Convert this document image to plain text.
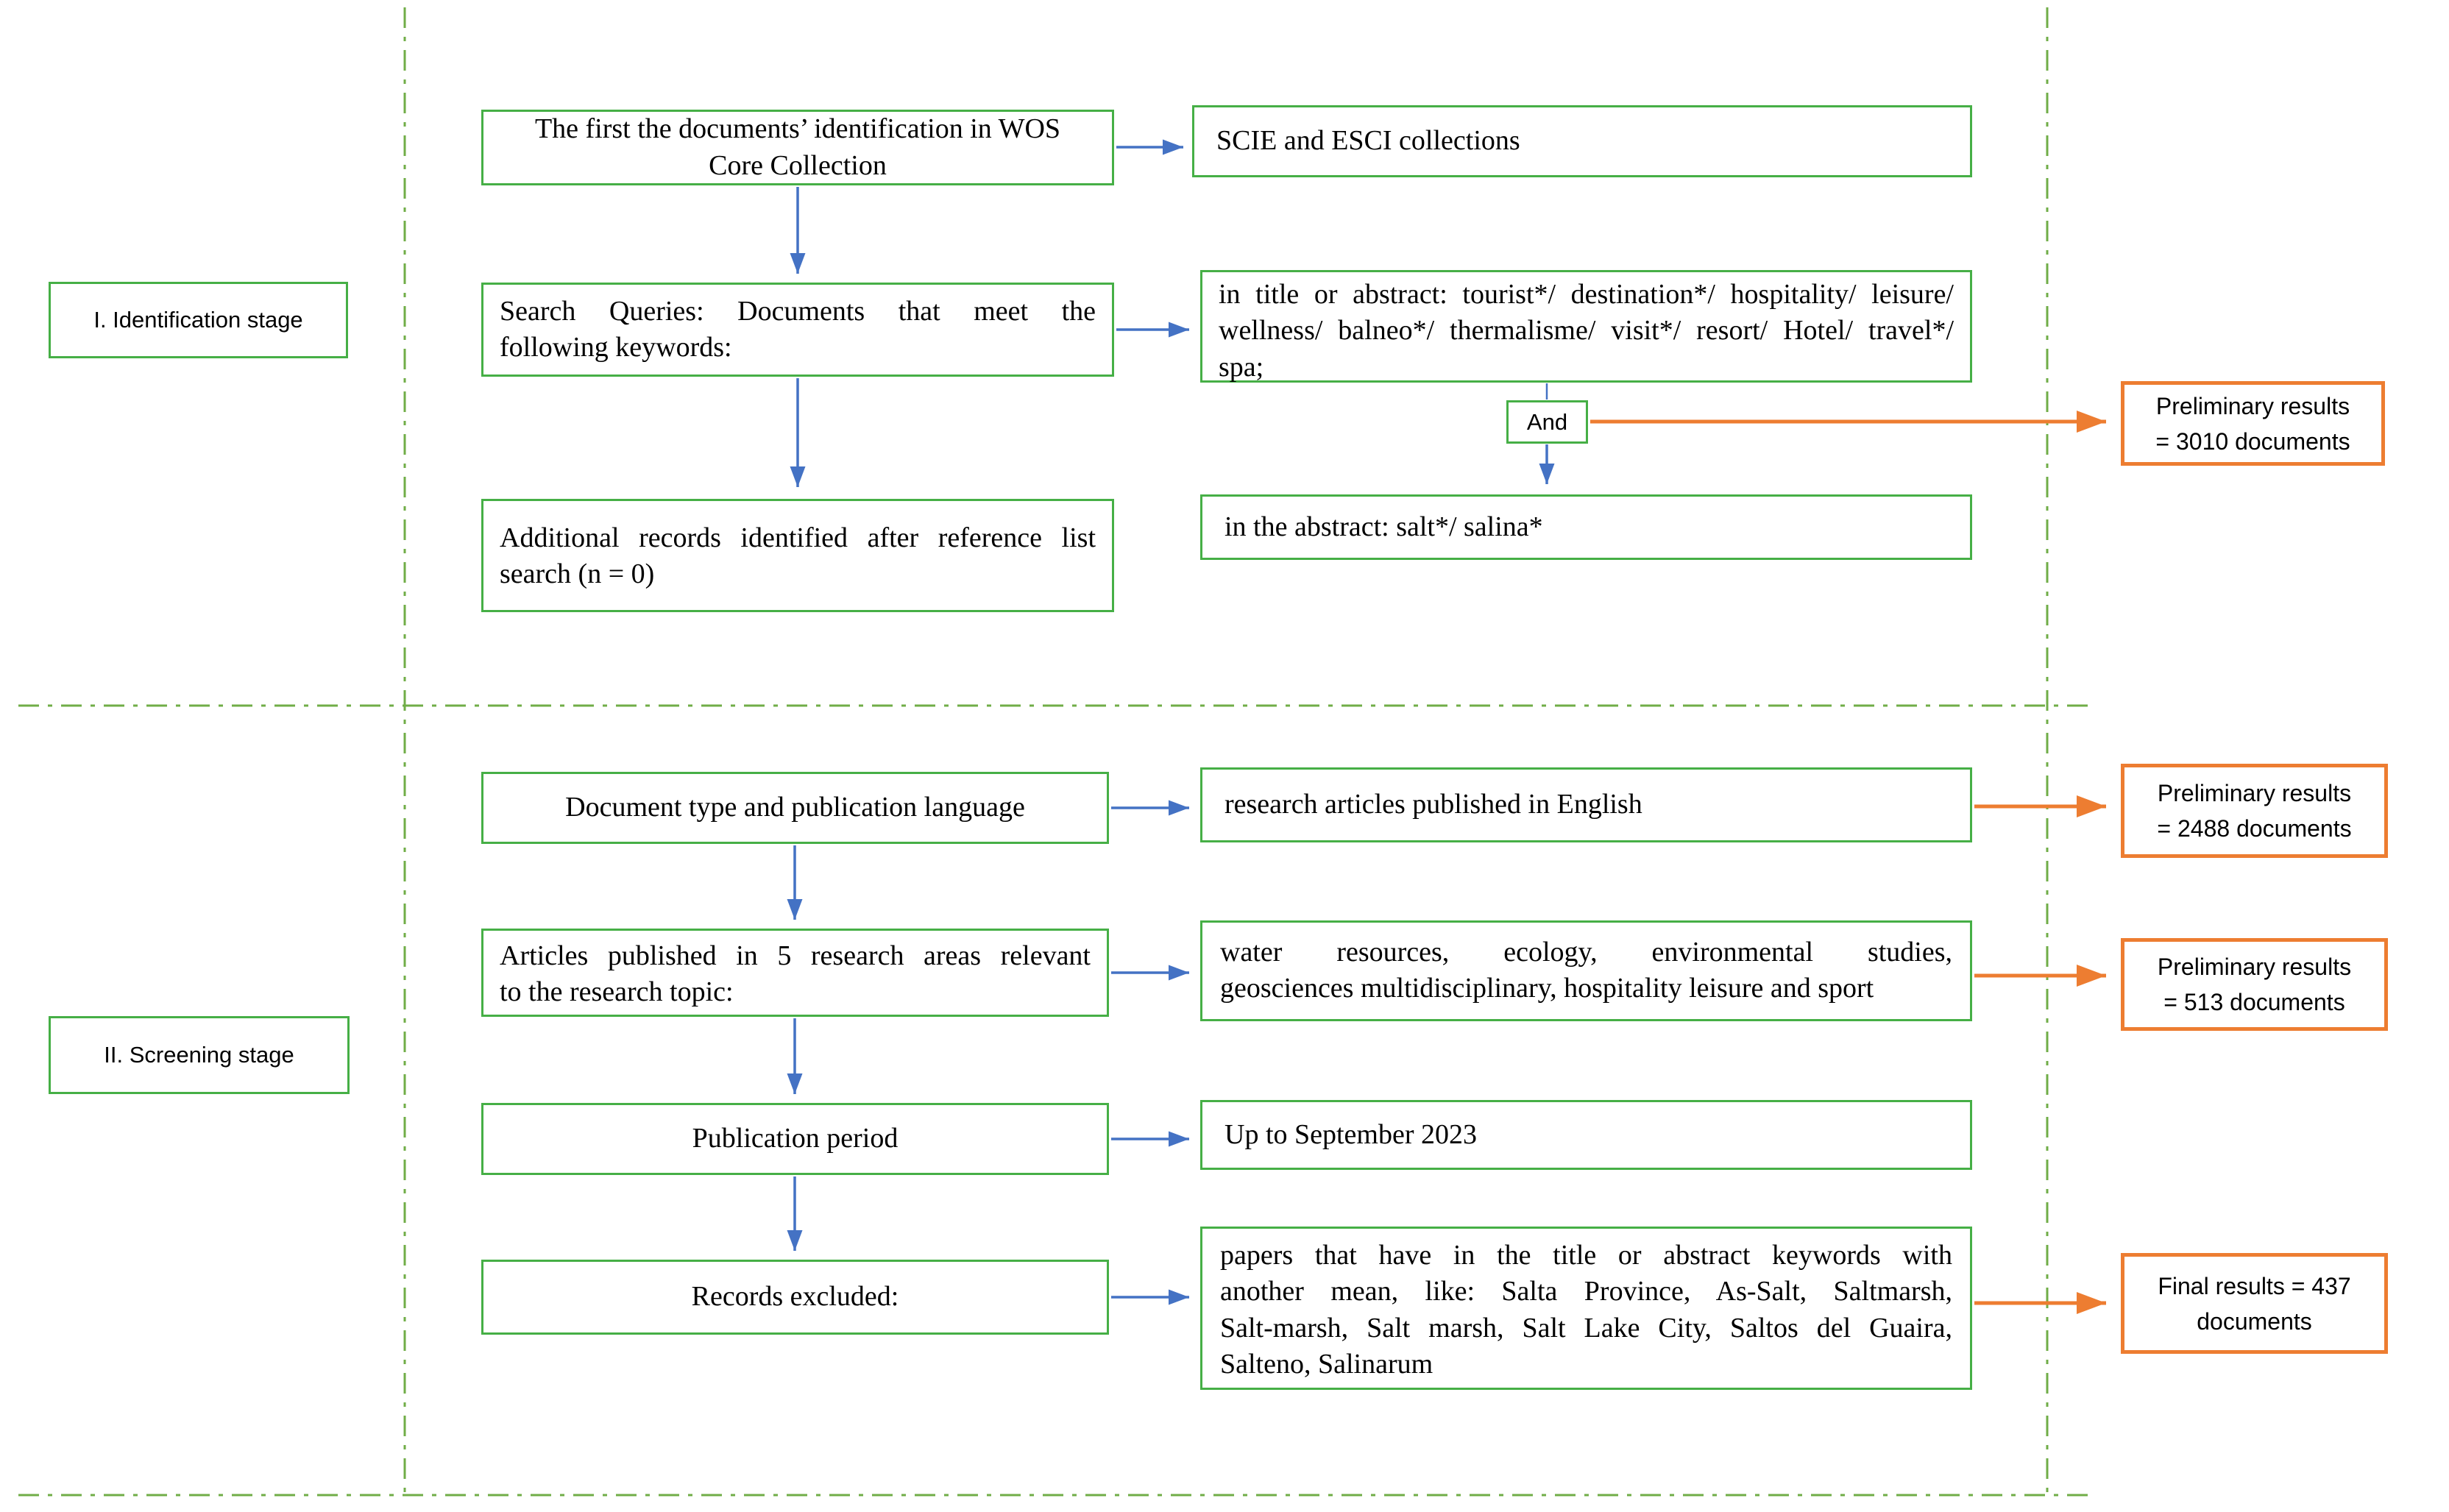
I. Identification stage
The first the documents’ identification in WOS
Core Collection
SCIE and ESCI collections
Search Queries: Documents that meet the
following keywords:
in title or abstract: tourist*/ destination*/ hospitality/ leisure/
wellness/ balneo*/ thermalisme/ visit*/ resort/ Hotel/ travel*/
spa;
And
Preliminary results
= 3010 documents
Additional records identified after reference list
search (n = 0)
in the abstract: salt*/ salina*
II. Screening stage
Document type and publication language	research articles published in English	Preliminary results
= 2488 documents
Articles published in 5 research areas relevant
to the research topic:
water resources, ecology, environmental studies,
geosciences multidisciplinary, hospitality leisure and sport
Preliminary results
= 513 documents
Publication period	Up to September 2023
Records excluded:
papers that have in the title or abstract keywords with
another mean, like: Salta Province, As-Salt, Saltmarsh,
Salt-marsh, Salt marsh, Salt Lake City, Saltos del Guaira,
Salteno, Salinarum
Final results = 437
documents
